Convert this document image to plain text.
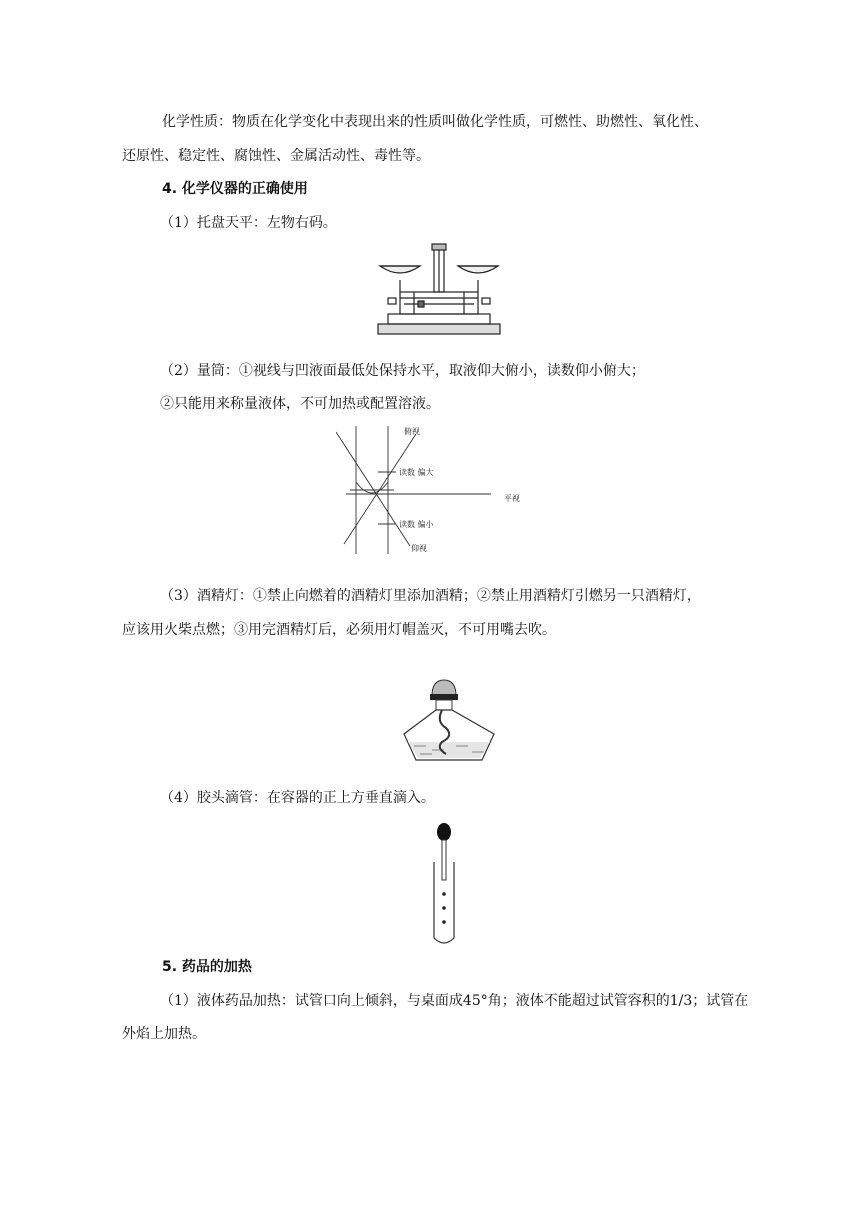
化学性质：物质在化学变化中表现出来的性质叫做化学性质，可燃性、助燃性、氧化性、
还原性、稳定性、腐蚀性、金属活动性、毒性等。
4. 化学仪器的正确使用
（1）托盘天平：左物右码。
（2）量筒：①视线与凹液面最低处保持水平，取液仰大俯小，读数仰小俯大；
②只能用来称量液体，不可加热或配置溶液。
俯视
读数 偏大
平视
读数 偏小
仰视
（3）酒精灯：①禁止向燃着的酒精灯里添加酒精；②禁止用酒精灯引燃另一只酒精灯，
应该用火柴点燃；③用完酒精灯后，必须用灯帽盖灭，不可用嘴去吹。
（4）胶头滴管：在容器的正上方垂直滴入。
5. 药品的加热
（1）液体药品加热：试管口向上倾斜，与桌面成45°角；液体不能超过试管容积的1/3；试管在
外焰上加热。
